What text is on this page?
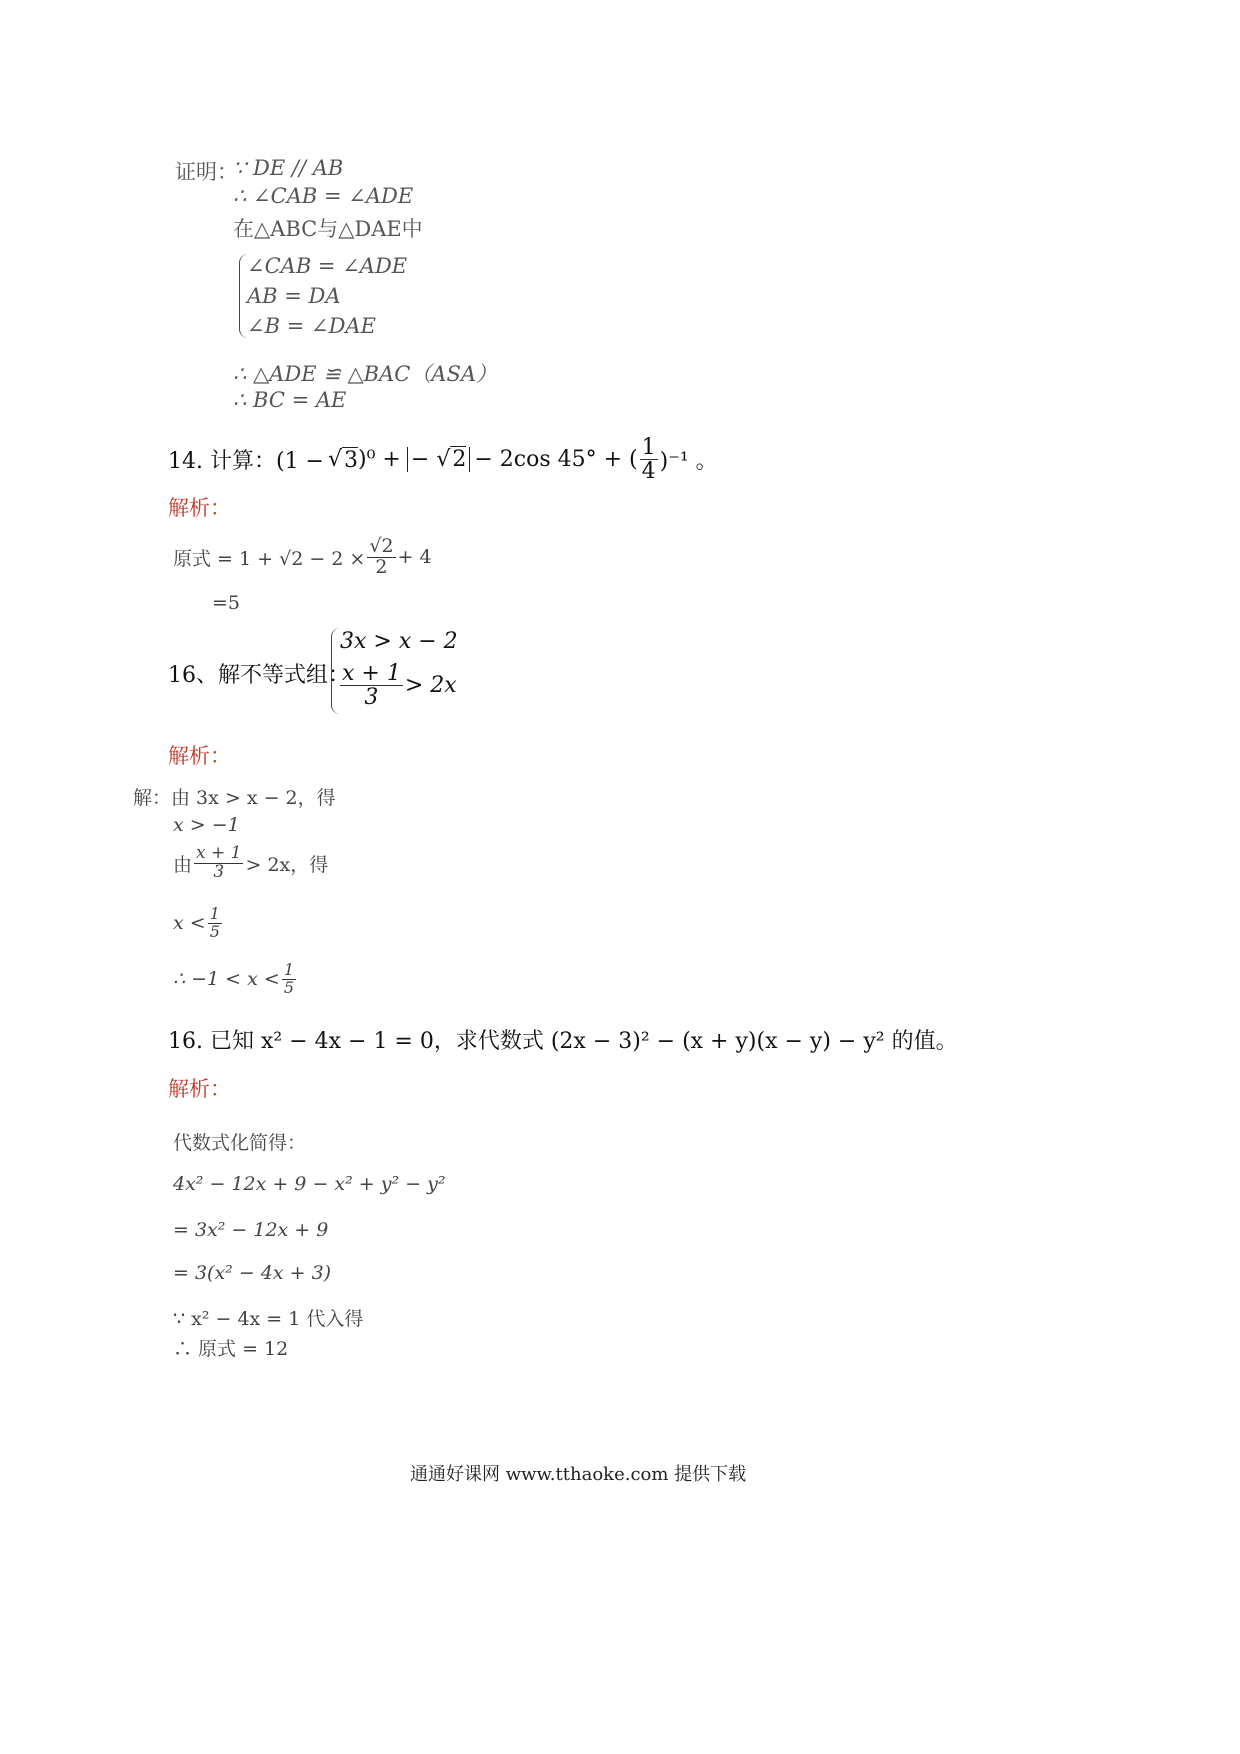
证明：
∵ DE // AB
∴ ∠CAB = ∠ADE
在△ABC与△DAE中
∠CAB = ∠ADE
AB = DA
∠B = ∠DAE
∴ △ADE ≌ △BAC（ASA）
∴ BC = AE
14. 计算：(1 − √ 3 )⁰ + − √2 − 2cos 45° + ( $\frac{1}{4} )^{-1}$ 。
解析：
原式 = $1 + √2 - 2 \times \frac{√2}{2} + 4$
=5
16、解不等式组：
3x > x − 2
$\frac{x + 1}{3} > 2x$
解析：
解：由 3x > x − 2，得
x > −1
由 $\frac{x + 1}{3} > 2x$，得
$x < \frac{1}{5}$
∴ $-1 < x < \frac{1}{5}$
16. 已知 x² − 4x − 1 = 0，求代数式 (2x − 3)² − (x + y)(x − y) − y² 的值。
解析：
代数式化简得：
4x² − 12x + 9 − x² + y² − y²
= 3x² − 12x + 9
= 3(x² − 4x + 3)
∵ x² − 4x = 1 代入得
∴ 原式 = 12
通通好课网 www.tthaoke.com 提供下载
